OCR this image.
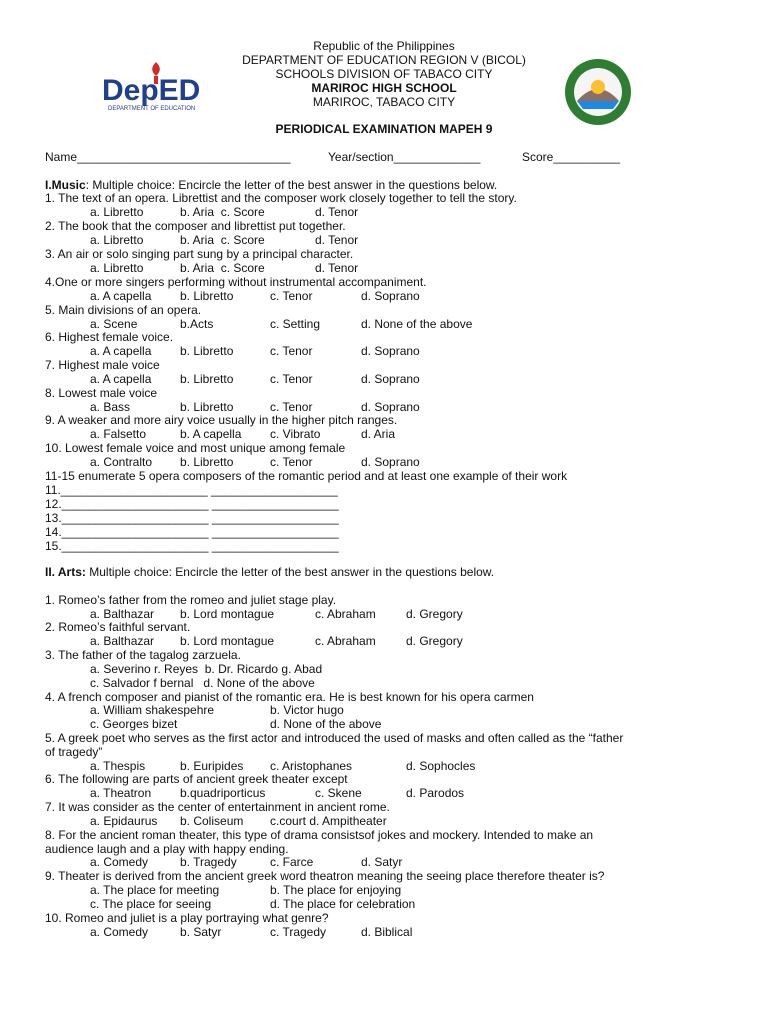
DepED
DEPARTMENT OF EDUCATION
Republic of the Philippines
DEPARTMENT OF EDUCATION REGION V (BICOL)
SCHOOLS DIVISION OF TABACO CITY
MARIROC HIGH SCHOOL
MARIROC, TABACO CITY
PERIODICAL EXAMINATION MAPEH 9
Name________________________________	Year/section_____________	Score__________
I.Music: Multiple choice: Encircle the letter of the best answer in the questions below.
1. The text of an opera. Librettist and the composer work closely together to tell the story.
a. Libretto	b. Aria  c. Score	d. Tenor
2. The book that the composer and librettist put together.
a. Libretto	b. Aria  c. Score	d. Tenor
3. An air or solo singing part sung by a principal character.
a. Libretto	b. Aria  c. Score	d. Tenor
4.One or more singers performing without instrumental accompaniment.
a. A capella b. Libretto	c. Tenor	d. Soprano
5. Main divisions of an opera.
a. Scene	b.Acts	c. Setting	d. None of the above
6. Highest female voice.
a. A capella b. Libretto	c. Tenor	d. Soprano
7. Highest male voice
a. A capella b. Libretto	c. Tenor	d. Soprano
8. Lowest male voice
a. Bass	b. Libretto	c. Tenor	d. Soprano
9. A weaker and more airy voice usually in the higher pitch ranges.
a. Falsetto	b. A capella c. Vibrato	d. Aria
10. Lowest female voice and most unique among female
a. Contralto b. Libretto	c. Tenor	d. Soprano
11-15 enumerate 5 opera composers of the romantic period and at least one example of their work
11.______________________ ___________________
12.______________________ ___________________
13.______________________ ___________________
14.______________________ ___________________
15.______________________ ___________________
II. Arts: Multiple choice: Encircle the letter of the best answer in the questions below.
1. Romeo’s father from the romeo and juliet stage play.
a. Balthazar b. Lord montague	c. Abraham	d. Gregory
2. Romeo’s faithful servant.
a. Balthazar b. Lord montague	c. Abraham	d. Gregory
3. The father of the tagalog zarzuela.
a. Severino r. Reyes  b. Dr. Ricardo g. Abad
c. Salvador f bernal   d. None of the above
4. A french composer and pianist of the romantic era. He is best known for his opera carmen
a. William shakespehre	b. Victor hugo
c. Georges bizet	d. None of the above
5. A greek poet who serves as the first actor and introduced the used of masks and often called as the “father
of tragedy”
a. Thespis	b. Euripides c. Aristophanes	d. Sophocles
6. The following are parts of ancient greek theater except
a. Theatron b.quadriporticus	c. Skene	d. Parodos
7. It was consider as the center of entertainment in ancient rome.
a. Epidaurus b. Coliseum c.court d. Ampitheater
8. For the ancient roman theater, this type of drama consistsof jokes and mockery. Intended to make an
audience laugh and a play with happy ending.
a. Comedy	b. Tragedy	c. Farce	d. Satyr
9. Theater is derived from the ancient greek word theatron meaning the seeing place therefore theater is?
a. The place for meeting	b. The place for enjoying
c. The place for seeing	d. The place for celebration
10. Romeo and juliet is a play portraying what genre?
a. Comedy	b. Satyr	c. Tragedy	d. Biblical
